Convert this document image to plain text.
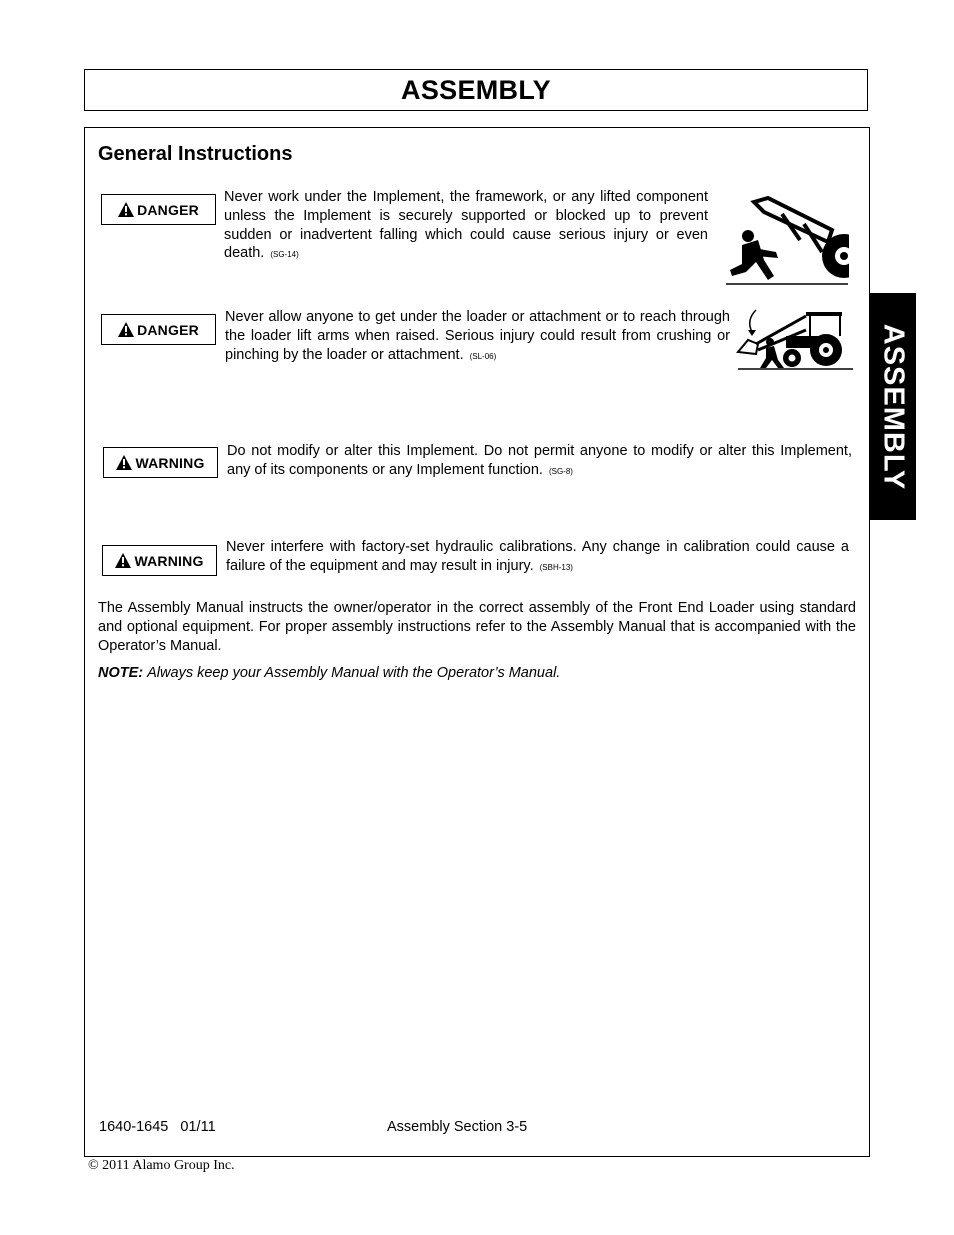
ASSEMBLY
ASSEMBLY
General Instructions
DANGER
Never work under the Implement, the framework, or any lifted component unless the Implement is securely supported or blocked up to prevent sudden or inadvertent falling which could cause serious injury or even death. (SG-14)
DANGER
Never allow anyone to get under the loader or attachment or to reach through the loader lift arms when raised. Serious injury could result from crushing or pinching by the loader or attachment. (SL-06)
WARNING
Do not modify or alter this Implement. Do not permit anyone to modify or alter this Implement, any of its components or any Implement function. (SG-8)
WARNING
Never interfere with factory-set hydraulic calibrations. Any change in calibration could cause a failure of the equipment and may result in injury. (SBH-13)
The Assembly Manual instructs the owner/operator in the correct assembly of the Front End Loader using standard and optional equipment. For proper assembly instructions refer to the Assembly Manual that is accompanied with the Operator’s Manual.
NOTE: Always keep your Assembly Manual with the Operator’s Manual.
1640-1645   01/11	Assembly Section 3-5
© 2011 Alamo Group Inc.
